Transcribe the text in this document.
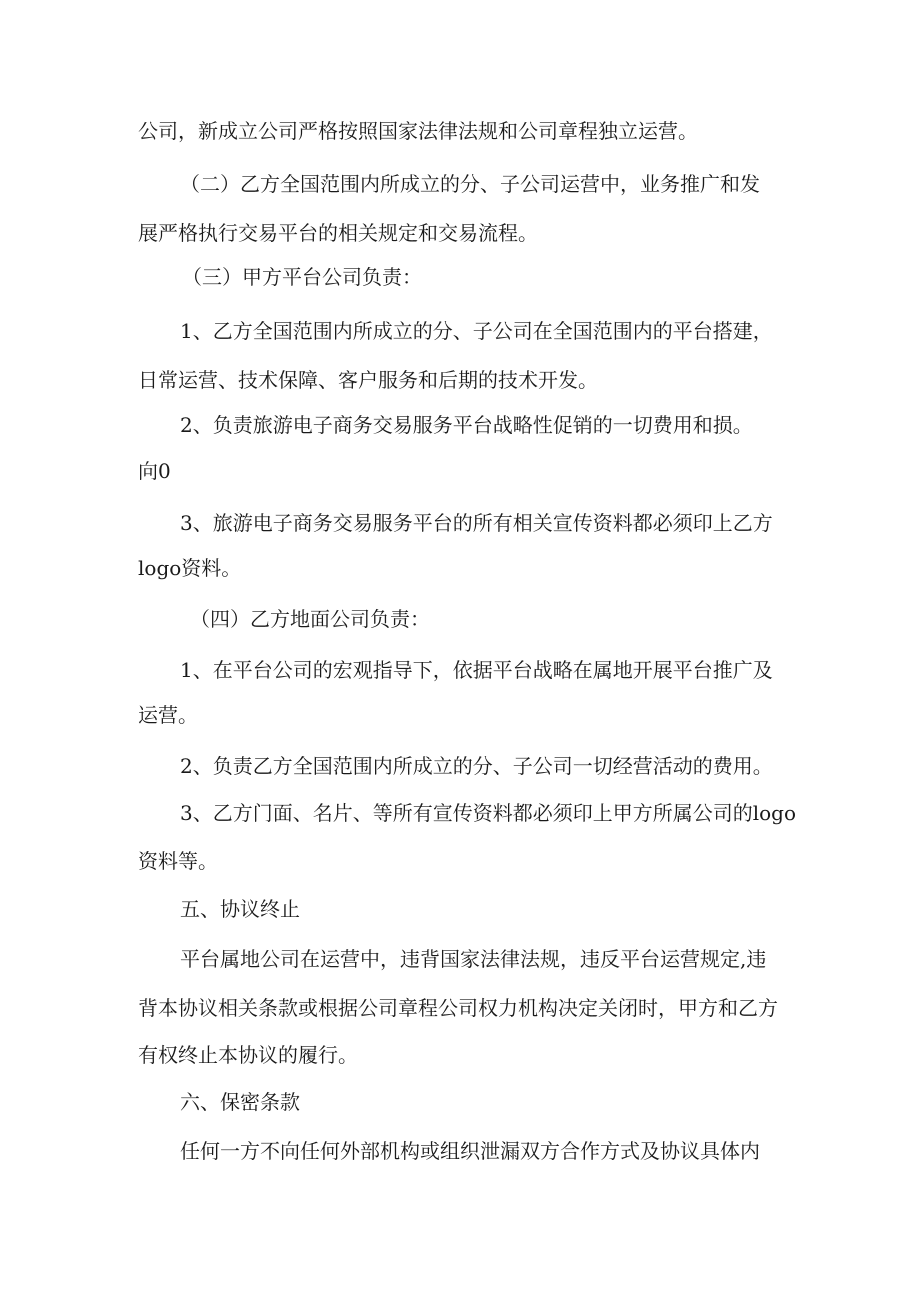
公司，新成立公司严格按照国家法律法规和公司章程独立运营。
（二）乙方全国范围内所成立的分、子公司运营中，业务推广和发
展严格执行交易平台的相关规定和交易流程。
（三）甲方平台公司负责：
1、乙方全国范围内所成立的分、子公司在全国范围内的平台搭建，
日常运营、技术保障、客户服务和后期的技术开发。
2、负责旅游电子商务交易服务平台战略性促销的一切费用和损。
向0
3、旅游电子商务交易服务平台的所有相关宣传资料都必须印上乙方
logo资料。
（四）乙方地面公司负责：
1、在平台公司的宏观指导下，依据平台战略在属地开展平台推广及
运营。
2、负责乙方全国范围内所成立的分、子公司一切经营活动的费用。
3、乙方门面、名片、等所有宣传资料都必须印上甲方所属公司的logo
资料等。
五、协议终止
平台属地公司在运营中，违背国家法律法规，违反平台运营规定,违
背本协议相关条款或根据公司章程公司权力机构决定关闭时，甲方和乙方
有权终止本协议的履行。
六、保密条款
任何一方不向任何外部机构或组织泄漏双方合作方式及协议具体内
